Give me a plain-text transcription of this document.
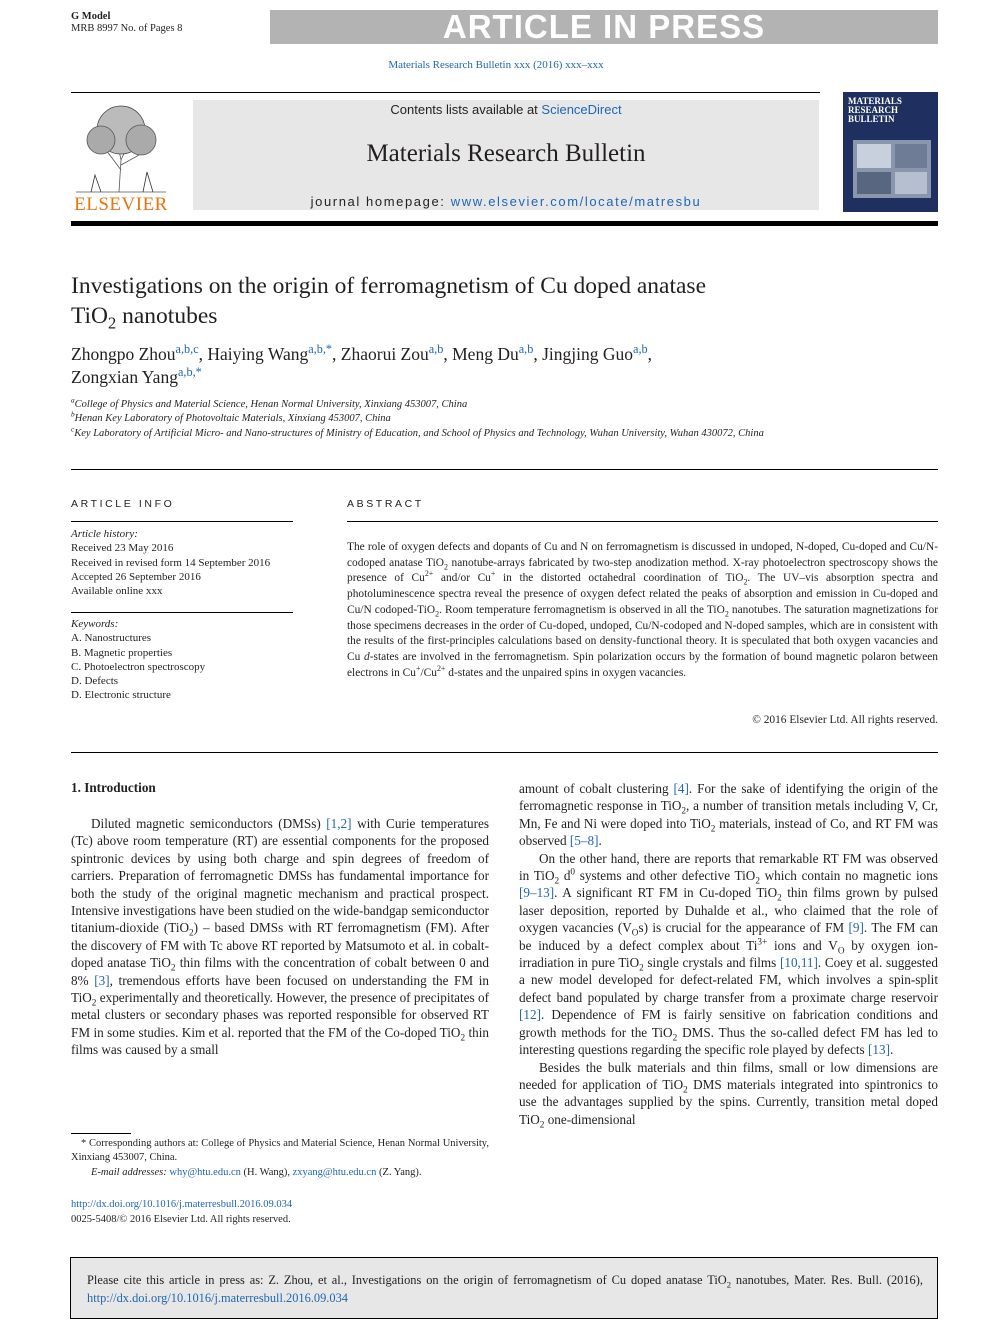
G Model
MRB 8997 No. of Pages 8	ARTICLE IN PRESS
Materials Research Bulletin xxx (2016) xxx–xxx
ELSEVIER
Contents lists available at ScienceDirect
Materials Research Bulletin
journal homepage: www.elsevier.com/locate/matresbu
MATERIALS
RESEARCH
BULLETIN
Investigations on the origin of ferromagnetism of Cu doped anatase
TiO$_2$ nanotubes
Zhongpo Zhou$^{a,b,c}$, Haiying Wang$^{a,b,*}$, Zhaorui Zou$^{a,b}$, Meng Du$^{a,b}$, Jingjing Guo$^{a,b}$,
Zongxian Yang$^{a,b,*}$
$^a$College of Physics and Material Science, Henan Normal University, Xinxiang 453007, China
$^b$Henan Key Laboratory of Photovoltaic Materials, Xinxiang 453007, China
$^c$Key Laboratory of Artificial Micro- and Nano-structures of Ministry of Education, and School of Physics and Technology, Wuhan University, Wuhan 430072, China
ARTICLE INFO
Article history:
Received 23 May 2016
Received in revised form 14 September 2016
Accepted 26 September 2016
Available online xxx
Keywords:
A. Nanostructures
B. Magnetic properties
C. Photoelectron spectroscopy
D. Defects
D. Electronic structure
ABSTRACT
The role of oxygen defects and dopants of Cu and N on ferromagnetism is discussed in undoped, N-doped, Cu-doped and Cu/N-codoped anatase TiO$_2$ nanotube-arrays fabricated by two-step anodization method. X-ray photoelectron spectroscopy shows the presence of $Cu^{2+}$ and/or Cu+ in the distorted octahedral coordination of TiO$_2$. The UV–vis absorption spectra and photoluminescence spectra reveal the presence of oxygen defect related the peaks of absorption and emission in Cu-doped and Cu/N codoped-TiO$_2$. Room temperature ferromagnetism is observed in all the TiO$_2$ nanotubes. The saturation magnetizations for those specimens decreases in the order of Cu-doped, undoped, Cu/N-codoped and N-doped samples, which are in consistent with the results of the first-principles calculations based on density-functional theory. It is speculated that both oxygen vacancies and Cu d-states are involved in the ferromagnetism. Spin polarization occurs by the formation of bound magnetic polaron between electrons in $Cu^+/Cu^{2+}$ d-states and the unpaired spins in oxygen vacancies.
© 2016 Elsevier Ltd. All rights reserved.
1. Introduction

Diluted magnetic semiconductors (DMSs) [1,2] with Curie temperatures (Tc) above room temperature (RT) are essential components for the proposed spintronic devices by using both charge and spin degrees of freedom of carriers. Preparation of ferromagnetic DMSs has fundamental importance for both the study of the original magnetic mechanism and practical prospect. Intensive investigations have been studied on the wide-bandgap semiconductor titanium-dioxide (TiO$_2$) – based DMSs with RT ferromagnetism (FM). After the discovery of FM with Tc above RT reported by Matsumoto et al. in cobalt-doped anatase TiO$_2$ thin films with the concentration of cobalt between 0 and 8% [3], tremendous efforts have been focused on understanding the FM in TiO$_2$ experimentally and theoretically. However, the presence of precipitates of metal clusters or secondary phases was reported responsible for observed RT FM in some studies. Kim et al. reported that the FM of the Co-doped TiO$_2$ thin films was caused by a small

amount of cobalt clustering [4]. For the sake of identifying the origin of the ferromagnetic response in TiO$_2$, a number of transition metals including V, Cr, Mn, Fe and Ni were doped into TiO$_2$ materials, instead of Co, and RT FM was observed [5–8].

On the other hand, there are reports that remarkable RT FM was observed in TiO$_2$ $d^0$ systems and other defective TiO$_2$ which contain no magnetic ions [9–13]. A significant RT FM in Cu-doped TiO$_2$ thin films grown by pulsed laser deposition, reported by Duhalde et al., who claimed that the role of oxygen vacancies $(V_Os)$ is crucial for the appearance of FM [9]. The FM can be induced by a defect complex about $Ti^{3+}$ ions and $V_O$ by oxygen ion-irradiation in pure TiO$_2$ single crystals and films [10,11]. Coey et al. suggested a new model developed for defect-related FM, which involves a spin-split defect band populated by charge transfer from a proximate charge reservoir [12]. Dependence of FM is fairly sensitive on fabrication conditions and growth methods for the TiO$_2$ DMS. Thus the so-called defect FM has led to interesting questions regarding the specific role played by defects [13].

Besides the bulk materials and thin films, small or low dimensions are needed for application of TiO$_2$ DMS materials integrated into spintronics to use the advantages supplied by the spins. Currently, transition metal doped TiO$_2$ one-dimensional

* Corresponding authors at: College of Physics and Material Science, Henan Normal University, Xinxiang 453007, China.
E-mail addresses: why@htu.edu.cn (H. Wang), zxyang@htu.edu.cn (Z. Yang).
http://dx.doi.org/10.1016/j.materresbull.2016.09.034
0025-5408/© 2016 Elsevier Ltd. All rights reserved.
Please cite this article in press as: Z. Zhou, et al., Investigations on the origin of ferromagnetism of Cu doped anatase TiO$_2$ nanotubes, Mater. Res. Bull. (2016), http://dx.doi.org/10.1016/j.materresbull.2016.09.034
